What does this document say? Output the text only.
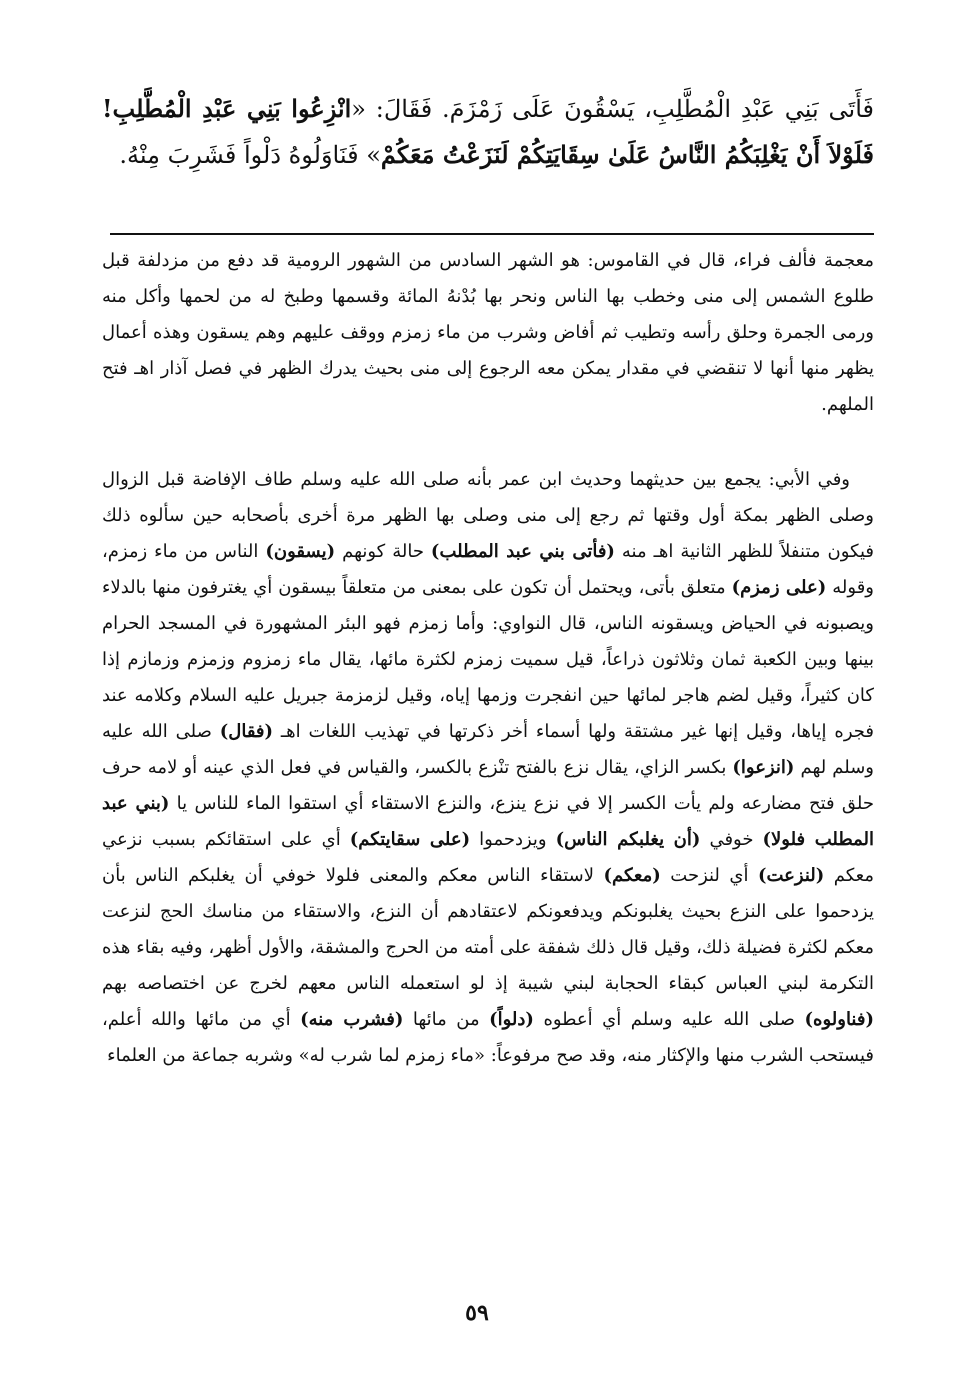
فَأَتَى بَنِي عَبْدِ الْمُطَّلِبِ، يَسْقُونَ عَلَى زَمْزَمَ. فَقَالَ: «انْزِعُوا بَنِي عَبْدِ الْمُطَّلِبِ! فَلَوْلاَ أَنْ يَغْلِبَكُمُ النَّاسُ عَلَىٰ سِقَايَتِكُمْ لَنَزَعْتُ مَعَكُمْ» فَنَاوَلُوهُ دَلْواً فَشَرِبَ مِنْهُ.

معجمة فألف فراء، قال في القاموس: هو الشهر السادس من الشهور الرومية قد دفع من مزدلفة قبل طلوع الشمس إلى منى وخطب بها الناس ونحر بها بُدْنهُ المائة وقسمها وطبخ له من لحمها وأكل منه ورمى الجمرة وحلق رأسه وتطيب ثم أفاض وشرب من ماء زمزم ووقف عليهم وهم يسقون وهذه أعمال يظهر منها أنها لا تنقضي في مقدار يمكن معه الرجوع إلى منى بحيث يدرك الظهر في فصل آذار اهـ فتح الملهم.

وفي الأبي: يجمع بين حديثهما وحديث ابن عمر بأنه صلى الله عليه وسلم طاف الإفاضة قبل الزوال وصلى الظهر بمكة أول وقتها ثم رجع إلى منى وصلى بها الظهر مرة أخرى بأصحابه حين سألوه ذلك فيكون متنفلاً للظهر الثانية اهـ منه (فأتى بني عبد المطلب) حالة كونهم (يسقون) الناس من ماء زمزم، وقوله (على زمزم) متعلق بأتى، ويحتمل أن تكون على بمعنى من متعلقاً بيسقون أي يغترفون منها بالدلاء ويصبونه في الحياض ويسقونه الناس، قال النواوي: وأما زمزم فهو البئر المشهورة في المسجد الحرام بينها وبين الكعبة ثمان وثلاثون ذراعاً، قيل سميت زمزم لكثرة مائها، يقال ماء زمزوم وزمزم وزمازم إذا كان كثيراً، وقيل لضم هاجر لمائها حين انفجرت وزمها إياه، وقيل لزمزمة جبريل عليه السلام وكلامه عند فجره إياها، وقيل إنها غير مشتقة ولها أسماء أخر ذكرتها في تهذيب اللغات اهـ (فقال) صلى الله عليه وسلم لهم (انزعوا) بكسر الزاي، يقال نزع بالفتح تنْزع بالكسر، والقياس في فعل الذي عينه أو لامه حرف حلق فتح مضارعه ولم يأت الكسر إلا في نزع ينزع، والنزع الاستقاء أي استقوا الماء للناس يا (بني عبد المطلب فلولا) خوفي (أن يغلبكم الناس) ويزدحموا (على سقايتكم) أي على استقائكم بسبب نزعي معكم (لنزعت) أي لنزحت (معكم) لاستقاء الناس معكم والمعنى فلولا خوفي أن يغلبكم الناس بأن يزدحموا على النزع بحيث يغلبونكم ويدفعونكم لاعتقادهم أن النزع، والاستقاء من مناسك الحج لنزعت معكم لكثرة فضيلة ذلك، وقيل قال ذلك شفقة على أمته من الحرج والمشقة، والأول أظهر، وفيه بقاء هذه التكرمة لبني العباس كبقاء الحجابة لبني شيبة إذ لو استعمله الناس معهم لخرج عن اختصاصه بهم (فناولوه) صلى الله عليه وسلم أي أعطوه (دلواً) من مائها (فشرب منه) أي من مائها والله أعلم، فيستحب الشرب منها والإكثار منه، وقد صح مرفوعاً: «ماء زمزم لما شرب له» وشربه جماعة من العلماء

٥٩
